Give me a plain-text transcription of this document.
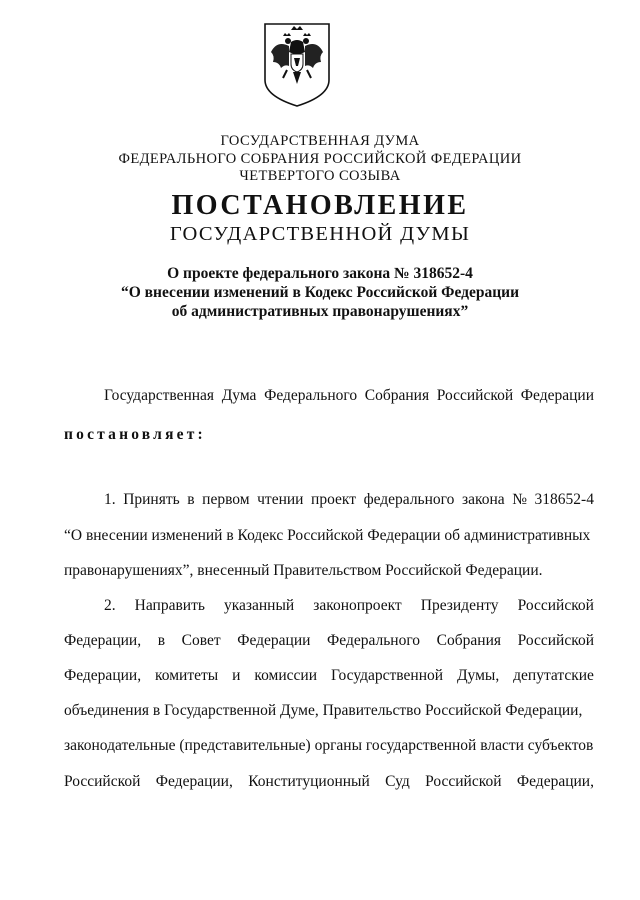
ГОСУДАРСТВЕННАЯ ДУМА
ФЕДЕРАЛЬНОГО СОБРАНИЯ РОССИЙСКОЙ ФЕДЕРАЦИИ
ЧЕТВЕРТОГО СОЗЫВА
ПОСТАНОВЛЕНИЕ
ГОСУДАРСТВЕННОЙ ДУМЫ
О проекте федерального закона № 318652-4
“О внесении изменений в Кодекс Российской Федерации
об административных правонарушениях”
Государственная Дума Федерального Собрания Российской Федерации
постановляет:
1. Принять в первом чтении проект федерального закона № 318652-4
“О внесении изменений в Кодекс Российской Федерации об административных
правонарушениях”, внесенный Правительством Российской Федерации.
2. Направить указанный законопроект Президенту Российской
Федерации, в Совет Федерации Федерального Собрания Российской
Федерации, комитеты и комиссии Государственной Думы, депутатские
объединения в Государственной Думе, Правительство Российской Федерации,
законодательные (представительные) органы государственной власти субъектов
Российской Федерации, Конституционный Суд Российской Федерации,
